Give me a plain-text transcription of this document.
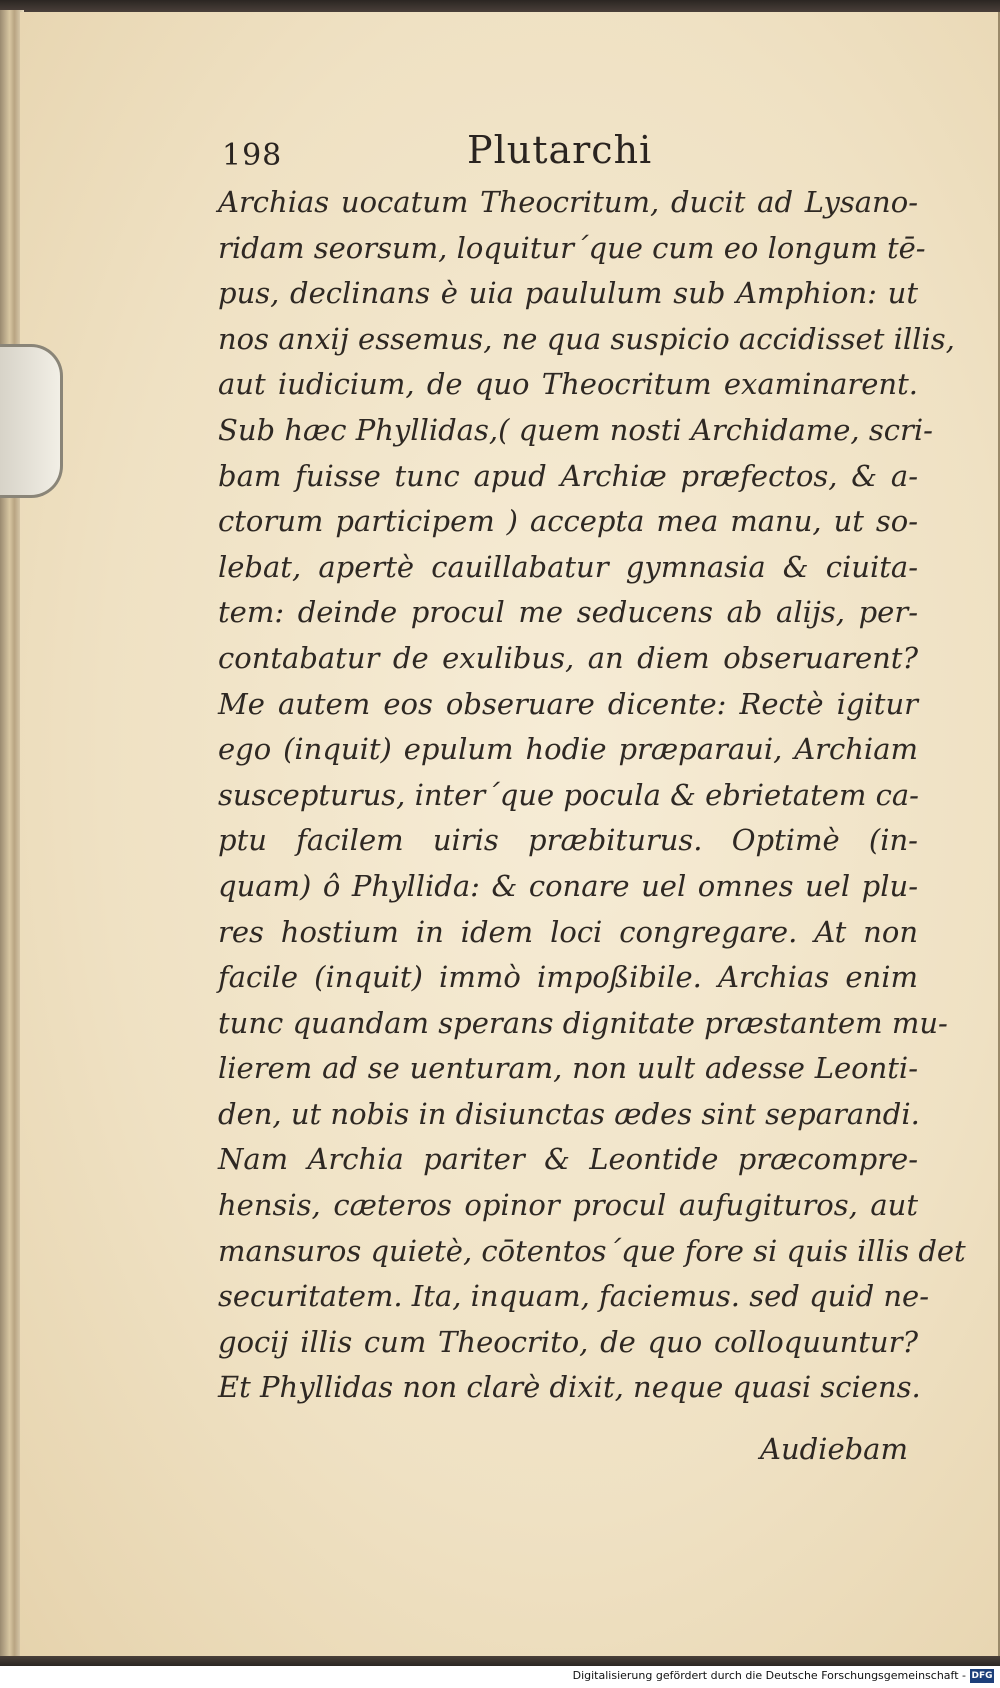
198	Plutarchi
Archias uocatum Theocritum, ducit ad Lysano-
ridam seorsum, loquitur´que cum eo longum tē-
pus, declinans è uia paululum sub Amphion: ut
nos anxij essemus, ne qua suspicio accidisset illis,
aut iudicium, de quo Theocritum examinarent.
Sub hæc Phyllidas,( quem nosti Archidame, scri-
bam fuisse tunc apud Archiæ præfectos, & a-
ctorum participem ) accepta mea manu, ut so-
lebat, apertè cauillabatur gymnasia & ciuita-
tem: deinde procul me seducens ab alijs, per-
contabatur de exulibus, an diem obseruarent?
Me autem eos obseruare dicente: Rectè igitur
ego (inquit) epulum hodie præparaui, Archiam
suscepturus, inter´que pocula & ebrietatem ca-
ptu facilem uiris præbiturus. Optimè (in-
quam) ô Phyllida: & conare uel omnes uel plu-
res hostium in idem loci congregare. At non
facile (inquit) immò impoßibile. Archias enim
tunc quandam sperans dignitate præstantem mu-
lierem ad se uenturam, non uult adesse Leonti-
den, ut nobis in disiunctas ædes sint separandi.
Nam Archia pariter & Leontide præcompre-
hensis, cæteros opinor procul aufugituros, aut
mansuros quietè, cōtentos´que fore si quis illis det
securitatem. Ita, inquam, faciemus. sed quid ne-
gocij illis cum Theocrito, de quo colloquuntur?
Et Phyllidas non clarè dixit, neque quasi sciens.
Audiebam
Digitalisierung gefördert durch die Deutsche Forschungsgemeinschaft - DFG
